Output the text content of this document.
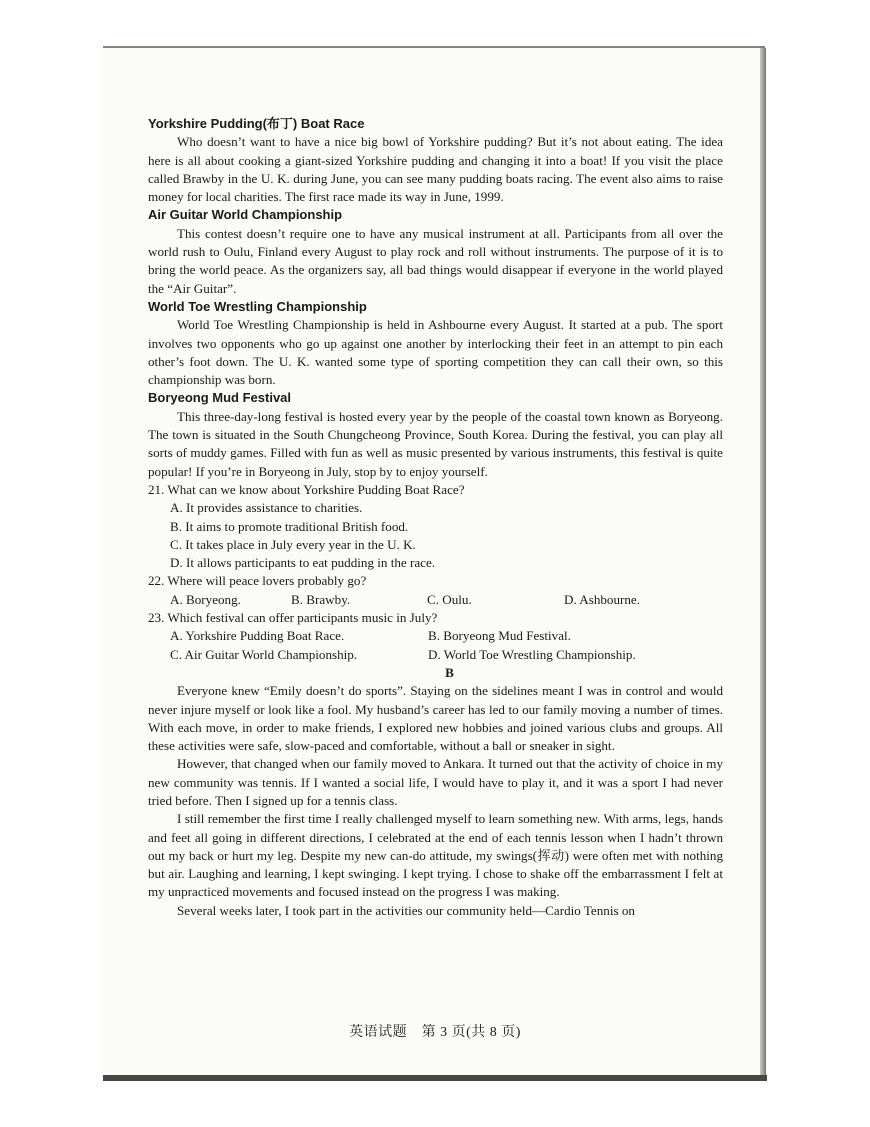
Yorkshire Pudding(布丁) Boat Race

Who doesn’t want to have a nice big bowl of Yorkshire pudding? But it’s not about eating. The idea here is all about cooking a giant-sized Yorkshire pudding and changing it into a boat! If you visit the place called Brawby in the U. K. during June, you can see many pudding boats racing. The event also aims to raise money for local charities. The first race made its way in June, 1999.

Air Guitar World Championship

This contest doesn’t require one to have any musical instrument at all. Participants from all over the world rush to Oulu, Finland every August to play rock and roll without instruments. The purpose of it is to bring the world peace. As the organizers say, all bad things would disappear if everyone in the world played the “Air Guitar”.

World Toe Wrestling Championship

World Toe Wrestling Championship is held in Ashbourne every August. It started at a pub. The sport involves two opponents who go up against one another by interlocking their feet in an attempt to pin each other’s foot down. The U. K. wanted some type of sporting competition they can call their own, so this championship was born.

Boryeong Mud Festival

This three-day-long festival is hosted every year by the people of the coastal town known as Boryeong. The town is situated in the South Chungcheong Province, South Korea. During the festival, you can play all sorts of muddy games. Filled with fun as well as music presented by various instruments, this festival is quite popular! If you’re in Boryeong in July, stop by to enjoy yourself.

21. What can we know about Yorkshire Pudding Boat Race?
A. It provides assistance to charities.
B. It aims to promote traditional British food.
C. It takes place in July every year in the U. K.
D. It allows participants to eat pudding in the race.
22. Where will peace lovers probably go?
A. Boryeong.	B. Brawby.	C. Oulu.	D. Ashbourne.
23. Which festival can offer participants music in July?
A. Yorkshire Pudding Boat Race.	B. Boryeong Mud Festival.
C. Air Guitar World Championship.	D. World Toe Wrestling Championship.
B

Everyone knew “Emily doesn’t do sports”. Staying on the sidelines meant I was in control and would never injure myself or look like a fool. My husband’s career has led to our family moving a number of times. With each move, in order to make friends, I explored new hobbies and joined various clubs and groups. All these activities were safe, slow-paced and comfortable, without a ball or sneaker in sight.

However, that changed when our family moved to Ankara. It turned out that the activity of choice in my new community was tennis. If I wanted a social life, I would have to play it, and it was a sport I had never tried before. Then I signed up for a tennis class.

I still remember the first time I really challenged myself to learn something new. With arms, legs, hands and feet all going in different directions, I celebrated at the end of each tennis lesson when I hadn’t thrown out my back or hurt my leg. Despite my new can-do attitude, my swings(挥动) were often met with nothing but air. Laughing and learning, I kept swinging. I kept trying. I chose to shake off the embarrassment I felt at my unpracticed movements and focused instead on the progress I was making.

Several weeks later, I took part in the activities our community held—Cardio Tennis on

英语试题　第 3 页(共 8 页)
